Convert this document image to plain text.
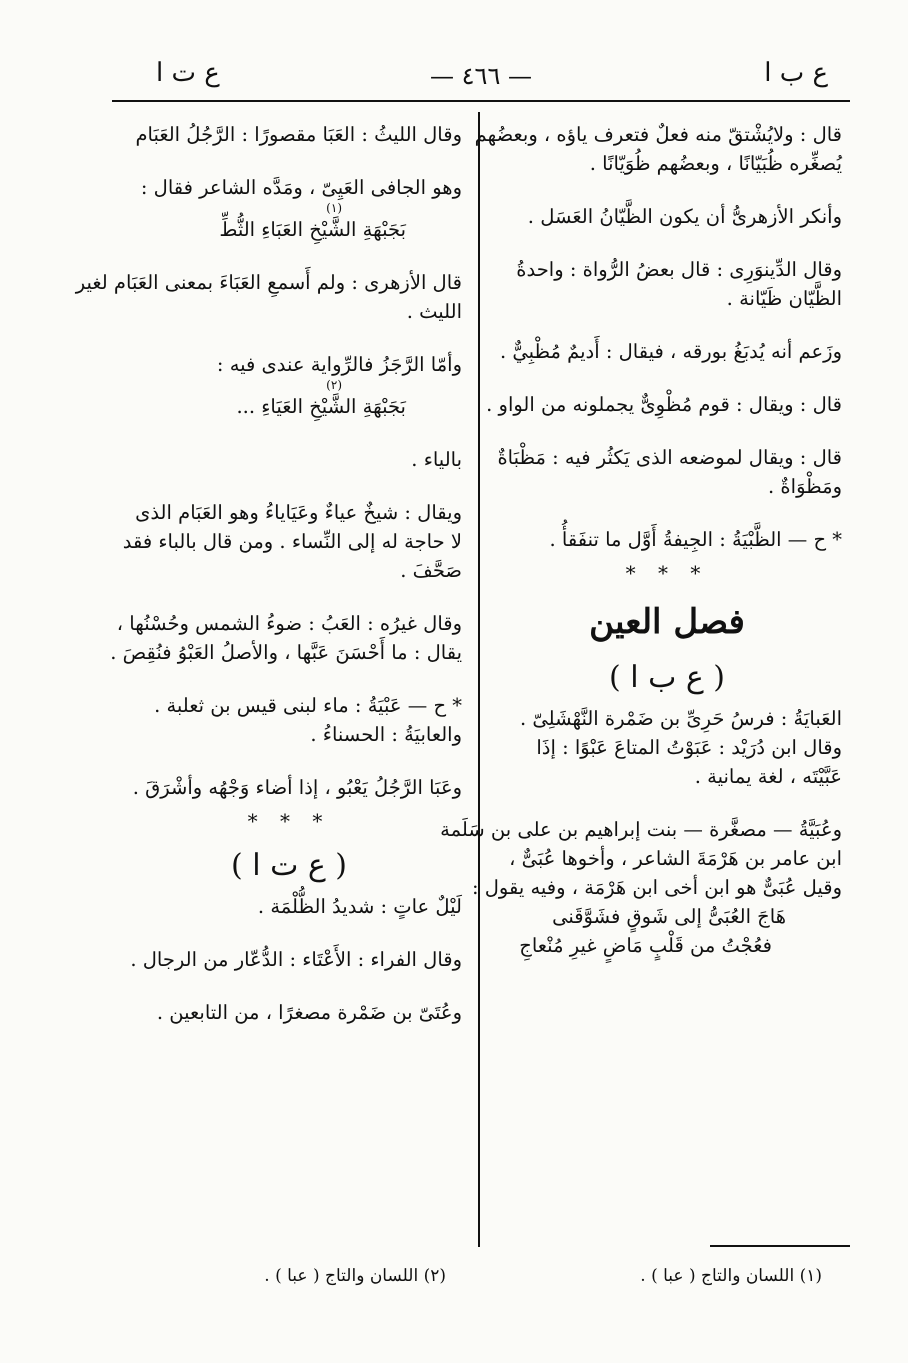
ع ب ا
— ٤٦٦ —
ع ت ا
قال : ولايُشْتقّ منه فعلٌ فتعرف ياؤه ، وبعضُهم
يُصغِّره ظُبَيّانًا ، وبعضُهم ظُوَيّانًا .
وأنكر الأزهرىُّ أن يكون الظَّيّانُ العَسَل .
وقال الدِّينوَرِى : قال بعضُ الرُّواة : واحدةُ
الظَّيّان ظَيّانة .
وزَعم أنه يُدبَغُ بورقه ، فيقال : أَديمٌ مُظْبِيٌّ .
قال : ويقال : قوم مُظْوِىٌّ يجملونه من الواو .
قال : ويقال لموضعه الذى يَكثُر فيه : مَظْبَاةٌ
ومَظْوَاةٌ .
* ح — الظَّبْيَةُ : الجِيفةُ أَوَّل ما تنفَقأُ .
* * *
فصل العين
( ع ب ا )
العَبايَةُ : فرسُ حَرِىِّ بن ضَمْرة النَّهْشَلِىّ .
وقال ابن دُرَيْد : عَبَوْتُ المتاعَ عَبْوًا : إذَا
عَبَّيْتَه ، لغة يمانية .
وعُبَيَّةُ — مصغَّرة — بنت إبراهيم بن على بن سَلَمة
ابن عامر بن هَرْمَةَ الشاعر ، وأخوها عُبَىٌّ ،
وقيل عُبَىٌّ هو ابن أخى ابن هَرْمَة ، وفيه يقول :
هَاجَ العُبَىُّ إلى شَوقٍ فشَوَّقَنى
فعُجْتُ من قَلْبٍ مَاضٍ غيرِ مُنْعاجِ
وقال الليثُ : العَبَا مقصورًا : الرَّجُلُ العَبَام
وهو الجافى العَيِىّ ، ومَدَّه الشاعر فقال :
(١)
بَجَبْهَةِ الشَّيْخِ العَبَاءِ الثُّطِّ
قال الأزهرى : ولم أَسمعِ العَبَاءَ بمعنى العَبَام لغير
الليث .
وأمّا الرَّجَزُ فالرِّواية عندى فيه :
(٢)
بَجَبْهَةِ الشَّيْخِ العَيَاءِ ...
بالياء .
ويقال : شيخٌ عياءٌ وعَيَاياءُ وهو العَبَام الذى
لا حاجة له إلى النِّساء . ومن قال بالباء فقد
صَحَّفَ .
وقال غيرُه : العَبُ : ضوءُ الشمس وحُسْنُها ،
يقال : ما أَحْسَنَ عَبَّها ، والأصلُ العَبْوُ فنُقِصَ .
* ح — عَبْيَةُ : ماء لبنى قيس بن ثعلبة .
والعابيَةُ : الحسناءُ .
وعَبَا الرَّجُلُ يَعْبُو ، إذا أضاء وَجْهُه وأشْرَقَ .
* * *
( ع ت ا )
لَيْلٌ عاتٍ : شديدُ الظُّلْمَة .
وقال الفراء : الأَعْتَاء : الدُّعّار من الرجال .
وعُتَىّ بن ضَمْرة مصغرًا ، من التابعين .
(١) اللسان والتاج ( عبا ) .
(٢) اللسان والتاج ( عبا ) .
